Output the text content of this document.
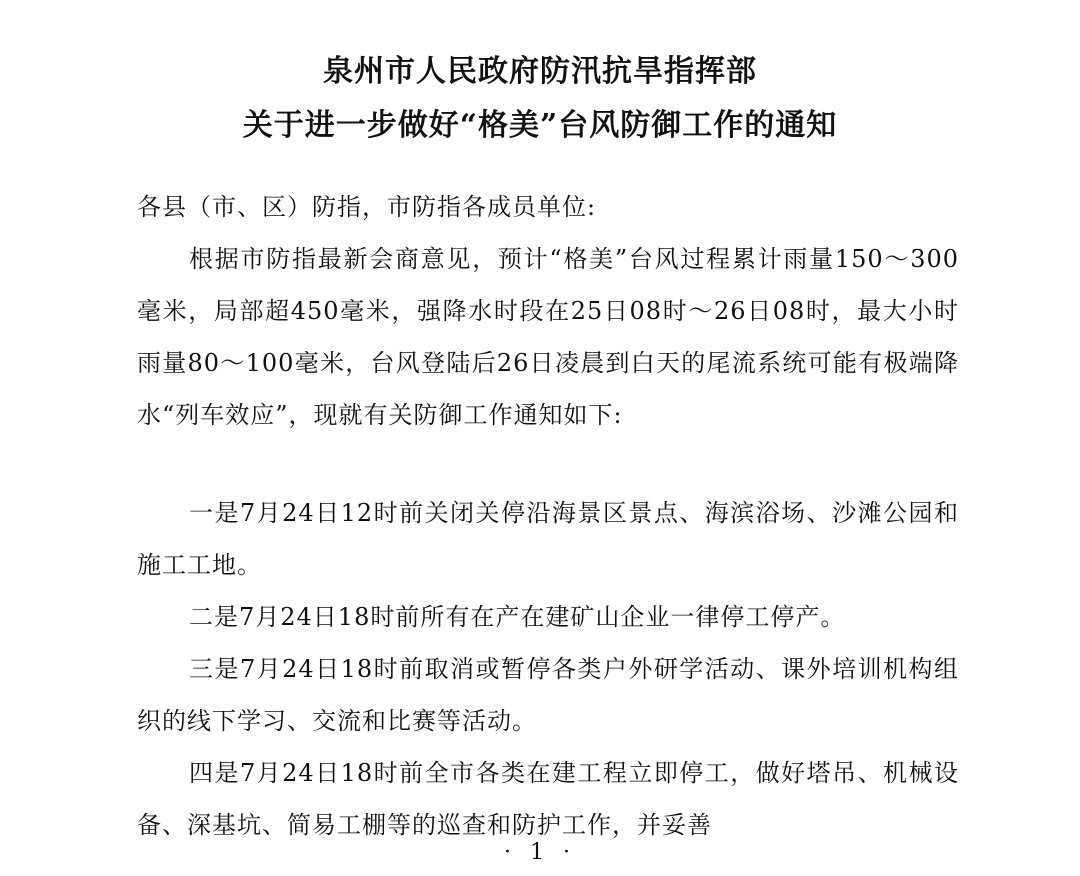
泉州市人民政府防汛抗旱指挥部
关于进一步做好“格美”台风防御工作的通知

各县（市、区）防指，市防指各成员单位:

根据市防指最新会商意见，预计“格美”台风过程累计雨量150～300毫米，局部超450毫米，强降水时段在25日08时～26日08时，最大小时雨量80～100毫米，台风登陆后26日凌晨到白天的尾流系统可能有极端降水“列车效应”，现就有关防御工作通知如下:

一是7月24日12时前关闭关停沿海景区景点、海滨浴场、沙滩公园和施工工地。

二是7月24日18时前所有在产在建矿山企业一律停工停产。

三是7月24日18时前取消或暂停各类户外研学活动、课外培训机构组织的线下学习、交流和比赛等活动。

四是7月24日18时前全市各类在建工程立即停工，做好塔吊、机械设备、深基坑、简易工棚等的巡查和防护工作，并妥善

· 1 ·
